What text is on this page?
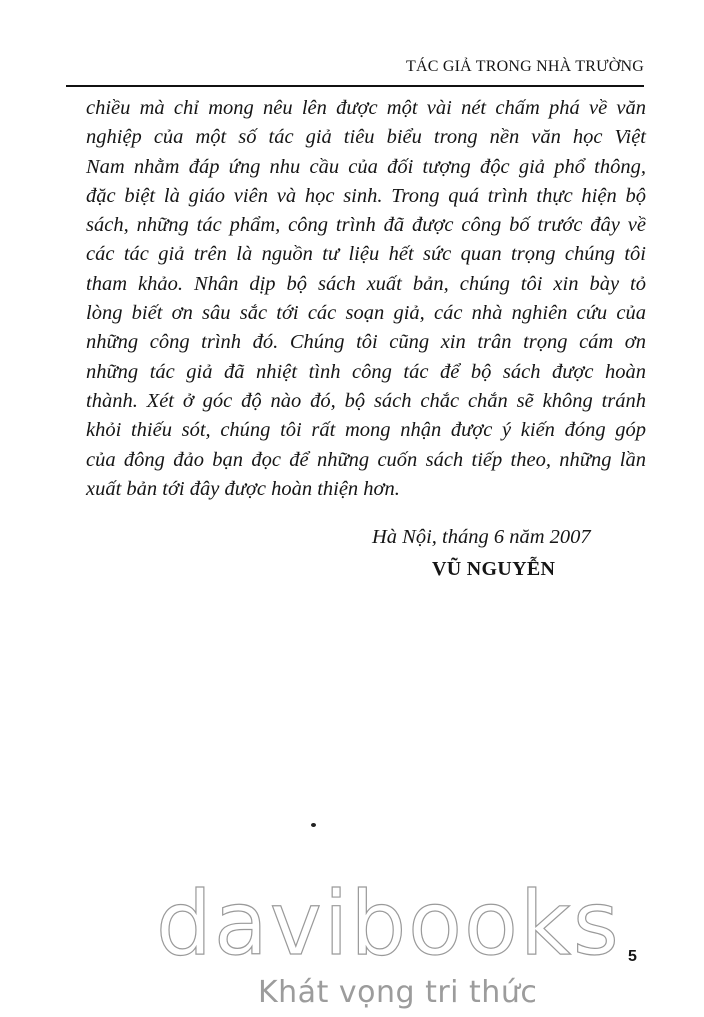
TÁC GIẢ TRONG NHÀ TRƯỜNG
chiều mà chỉ mong nêu lên được một vài nét chấm phá về văn
nghiệp của một số tác giả tiêu biểu trong nền văn học Việt
Nam nhằm đáp ứng nhu cầu của đối tượng độc giả phổ thông,
đặc biệt là giáo viên và học sinh. Trong quá trình thực hiện bộ
sách, những tác phẩm, công trình đã được công bố trước đây về
các tác giả trên là nguồn tư liệu hết sức quan trọng chúng tôi
tham khảo. Nhân dịp bộ sách xuất bản, chúng tôi xin bày tỏ
lòng biết ơn sâu sắc tới các soạn giả, các nhà nghiên cứu của
những công trình đó. Chúng tôi cũng xin trân trọng cám ơn
những tác giả đã nhiệt tình công tác để bộ sách được hoàn
thành. Xét ở góc độ nào đó, bộ sách chắc chắn sẽ không tránh
khỏi thiếu sót, chúng tôi rất mong nhận được ý kiến đóng góp
của đông đảo bạn đọc để những cuốn sách tiếp theo, những lần
xuất bản tới đây được hoàn thiện hơn.
Hà Nội, tháng 6 năm 2007
VŨ NGUYỄN
davibooks
Khát vọng tri thức
5
